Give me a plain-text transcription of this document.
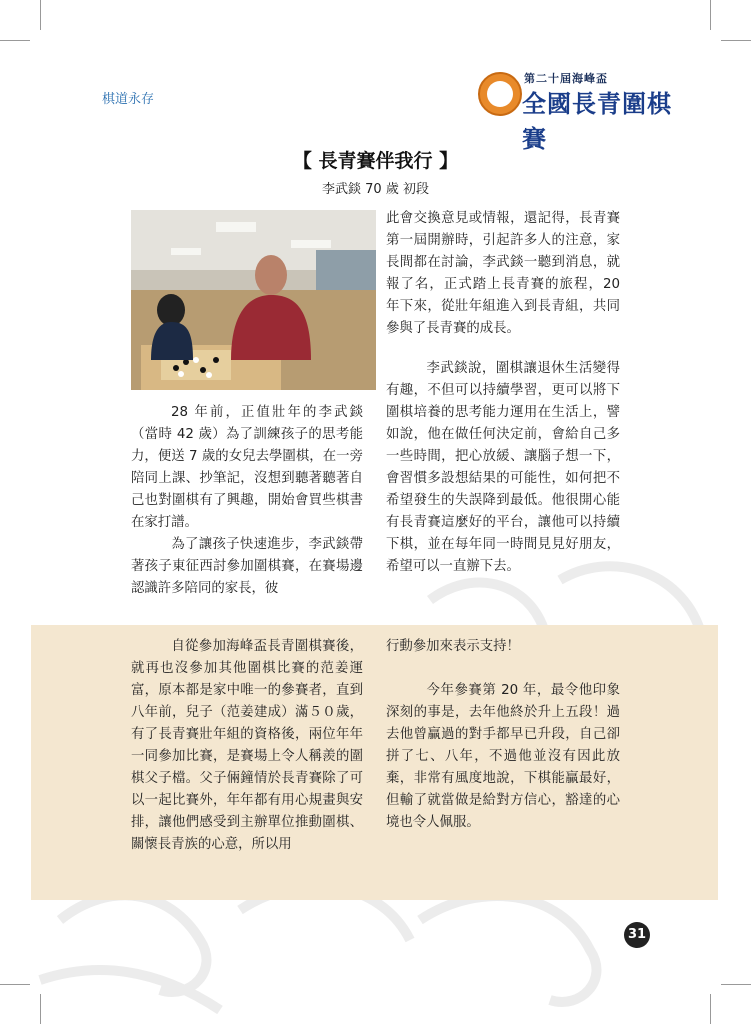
棋道永存
第二十屆海峰盃
全國長青圍棋賽
【 長青賽伴我行 】
李武錟 70 歲 初段

28 年前，正值壯年的李武錟（當時 42 歲）為了訓練孩子的思考能力，便送 7 歲的女兒去學圍棋，在一旁陪同上課、抄筆記，沒想到聽著聽著自己也對圍棋有了興趣，開始會買些棋書在家打譜。

為了讓孩子快速進步，李武錟帶著孩子東征西討參加圍棋賽，在賽場邊認識許多陪同的家長，彼

此會交換意見或情報，還記得，長青賽第一屆開辦時，引起許多人的注意，家長間都在討論，李武錟一聽到消息，就報了名，正式踏上長青賽的旅程，20 年下來，從壯年組進入到長青組，共同參與了長青賽的成長。

李武錟說，圍棋讓退休生活變得有趣，不但可以持續學習，更可以將下圍棋培養的思考能力運用在生活上，譬如說，他在做任何決定前，會給自己多一些時間，把心放緩、讓腦子想一下，會習慣多設想結果的可能性，如何把不希望發生的失誤降到最低。他很開心能有長青賽這麼好的平台，讓他可以持續下棋，並在每年同一時間見見好朋友，希望可以一直辦下去。

自從參加海峰盃長青圍棋賽後，就再也沒參加其他圍棋比賽的范姜運富，原本都是家中唯一的參賽者，直到八年前，兒子（范姜建成）滿５０歲，有了長青賽壯年組的資格後，兩位年年一同參加比賽，是賽場上令人稱羨的圍棋父子檔。父子倆鐘情於長青賽除了可以一起比賽外，年年都有用心規畫與安排，讓他們感受到主辦單位推動圍棋、關懷長青族的心意，所以用

行動參加來表示支持！

今年參賽第 20 年，最令他印象深刻的事是，去年他終於升上五段！過去他曾贏過的對手都早已升段，自己卻拼了七、八年，不過他並沒有因此放棄，非常有風度地說，下棋能贏最好，但輸了就當做是給對方信心，豁達的心境也令人佩服。

31
